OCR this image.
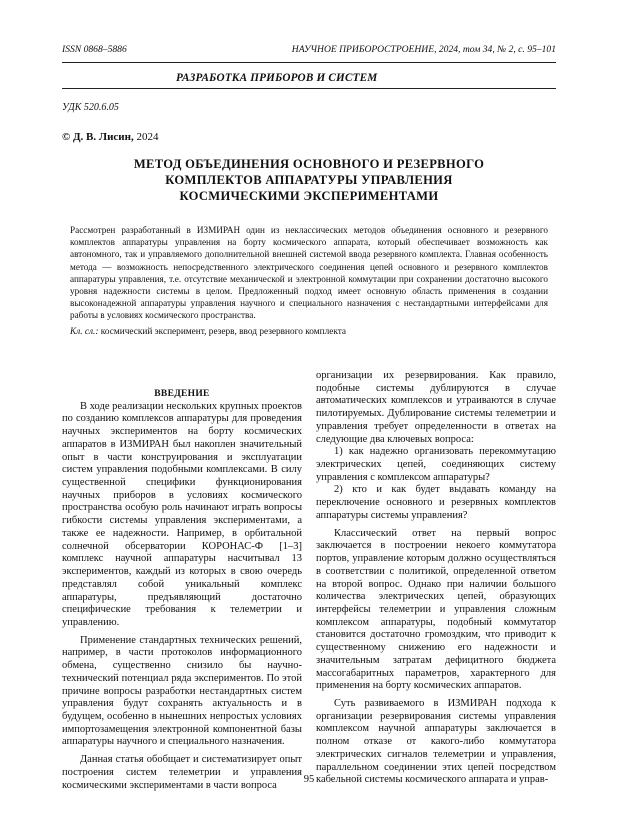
ISSN 0868–5886	НАУЧНОЕ ПРИБОРОСТРОЕНИЕ, 2024, том 34, № 2, с. 95–101
РАЗРАБОТКА ПРИБОРОВ И СИСТЕМ
УДК 520.6.05
© Д. В. Лисин, 2024
МЕТОД ОБЪЕДИНЕНИЯ ОСНОВНОГО И РЕЗЕРВНОГО
КОМПЛЕКТОВ АППАРАТУРЫ УПРАВЛЕНИЯ
КОСМИЧЕСКИМИ ЭКСПЕРИМЕНТАМИ
Рассмотрен разработанный в ИЗМИРАН один из неклассических методов объединения основного и резервного комплектов аппаратуры управления на борту космического аппарата, который обеспечивает возможность как автономного, так и управляемого дополнительной внешней системой ввода резервного комплекта. Главная особенность метода — возможность непосредственного электрического соединения цепей основного и резервного комплектов аппаратуры управления, т.е. отсутствие механической и электронной коммутации при сохранении достаточно высокого уровня надежности системы в целом. Предложенный подход имеет основную область применения в создании высоконадежной аппаратуры управления научного и специального назначения с нестандартными интерфейсами для работы в условиях космического пространства.
Кл. сл.: космический эксперимент, резерв, ввод резервного комплекта

ВВЕДЕНИЕ

В ходе реализации нескольких крупных проектов по созданию комплексов аппаратуры для проведения научных экспериментов на борту космических аппаратов в ИЗМИРАН был накоплен значительный опыт в части конструирования и эксплуатации систем управления подобными комплексами. В силу существенной специфики функционирования научных приборов в условиях космического пространства особую роль начинают играть вопросы гибкости системы управления экспериментами, а также ее надежности. Например, в орбитальной солнечной обсерватории КОРОНАС-Ф [1–3] комплекс научной аппаратуры насчитывал 13 экспериментов, каждый из которых в свою очередь представлял собой уникальный комплекс аппаратуры, предъявляющий достаточно специфические требования к телеметрии и управлению.

Применение стандартных технических решений, например, в части протоколов информационного обмена, существенно снизило бы научно-технический потенциал ряда экспериментов. По этой причине вопросы разработки нестандартных систем управления будут сохранять актуальность и в будущем, особенно в нынешних непростых условиях импортозамещения электронной компонентной базы аппаратуры научного и специального назначения.

Данная статья обобщает и систематизирует опыт построения систем телеметрии и управления космическими экспериментами в части вопроса

организации их резервирования. Как правило, подобные системы дублируются в случае автоматических комплексов и утраиваются в случае пилотируемых. Дублирование системы телеметрии и управления требует определенности в ответах на следующие два ключевых вопроса:

1) как надежно организовать перекоммутацию электрических цепей, соединяющих систему управления с комплексом аппаратуры?

2) кто и как будет выдавать команду на переключение основного и резервных комплектов аппаратуры системы управления?

Классический ответ на первый вопрос заключается в построении некоего коммутатора портов, управление которым должно осуществляться в соответствии с политикой, определенной ответом на второй вопрос. Однако при наличии большого количества электрических цепей, образующих интерфейсы телеметрии и управления сложным комплексом аппаратуры, подобный коммутатор становится достаточно громоздким, что приводит к существенному снижению его надежности и значительным затратам дефицитного бюджета массогабаритных параметров, характерного для применения на борту космических аппаратов.

Суть развиваемого в ИЗМИРАН подхода к организации резервирования системы управления комплексом научной аппаратуры заключается в полном отказе от какого-либо коммутатора электрических сигналов телеметрии и управления, параллельном соединении этих цепей посредством кабельной системы космического аппарата и управ-

95
